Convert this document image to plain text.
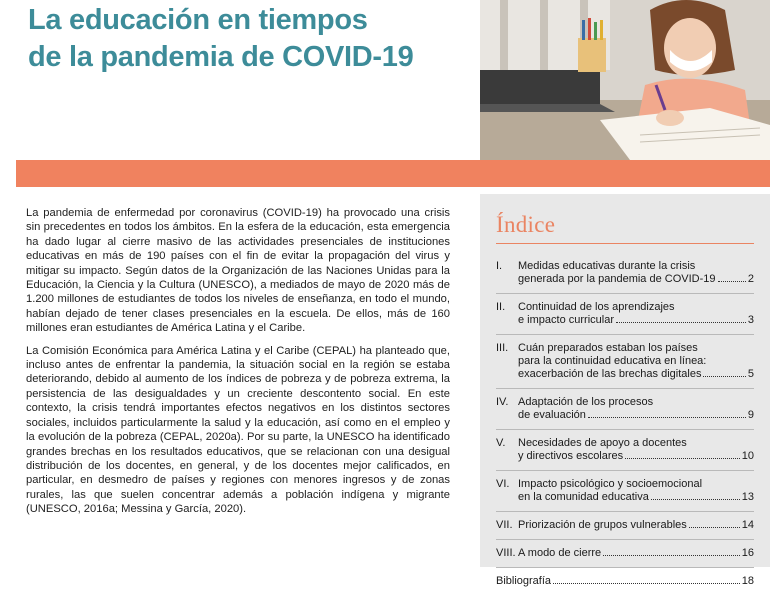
La educación en tiempos
de la pandemia de COVID-19

La pandemia de enfermedad por coronavirus (COVID-19) ha provocado una crisis sin precedentes en todos los ámbitos. En la esfera de la educación, esta emergencia ha dado lugar al cierre masivo de las actividades presenciales de instituciones educativas en más de 190 países con el fin de evitar la propagación del virus y mitigar su impacto. Según datos de la Organización de las Naciones Unidas para la Educación, la Ciencia y la Cultura (UNESCO), a mediados de mayo de 2020 más de 1.200 millones de estudiantes de todos los niveles de enseñanza, en todo el mundo, habían dejado de tener clases presenciales en la escuela. De ellos, más de 160 millones eran estudiantes de América Latina y el Caribe.

La Comisión Económica para América Latina y el Caribe (CEPAL) ha planteado que, incluso antes de enfrentar la pandemia, la situación social en la región se estaba deteriorando, debido al aumento de los índices de pobreza y de pobreza extrema, la persistencia de las desigualdades y un creciente descontento social. En este contexto, la crisis tendrá importantes efectos negativos en los distintos sectores sociales, incluidos particularmente la salud y la educación, así como en el empleo y la evolución de la pobreza (CEPAL, 2020a). Por su parte, la UNESCO ha identificado grandes brechas en los resultados educativos, que se relacionan con una desigual distribución de los docentes, en general, y de los docentes mejor calificados, en particular, en desmedro de países y regiones con menores ingresos y de zonas rurales, las que suelen concentrar además a población indígena y migrante (UNESCO, 2016a; Messina y García, 2020).

Índice
I.	Medidas educativas durante la crisis
generada por la pandemia de COVID-19	2
II.	Continuidad de los aprendizajes
e impacto curricular	3
III. Cuán preparados estaban los países
para la continuidad educativa en línea:
exacerbación de las brechas digitales	5
IV. Adaptación de los procesos
de evaluación	9
V.	Necesidades de apoyo a docentes
y directivos escolares	10
VI. Impacto psicológico y socioemocional
en la comunidad educativa	13
VII. Priorización de grupos vulnerables	14
VIII. A modo de cierre	16
Bibliografía	18
